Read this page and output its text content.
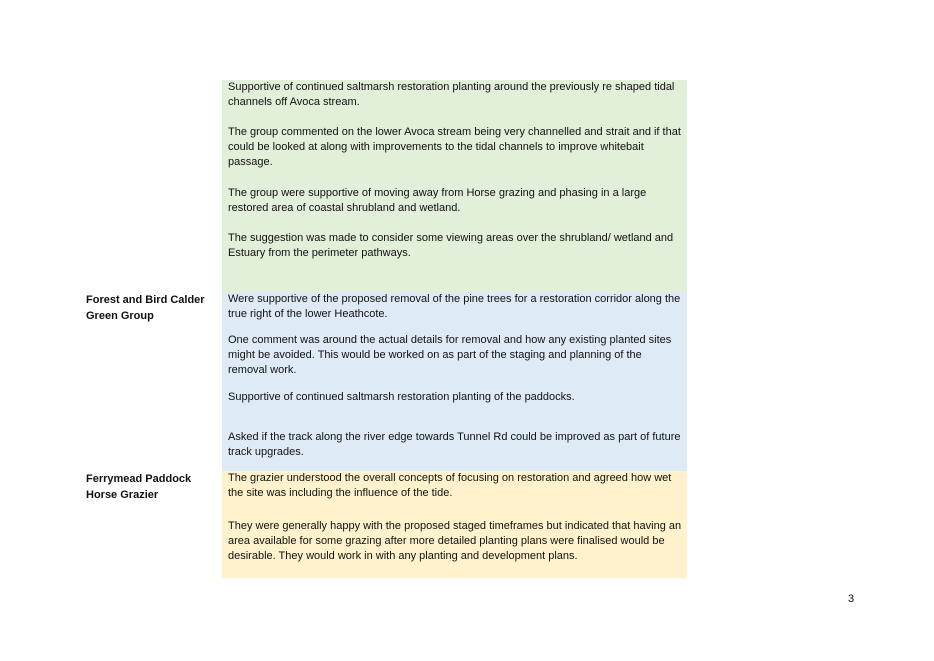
Supportive of continued saltmarsh restoration planting around the previously re shaped tidal channels off Avoca stream.

The group commented on the lower Avoca stream being very channelled and strait and if that could be looked at along with improvements to the tidal channels to improve whitebait passage.

The group were supportive of moving away from Horse grazing and phasing in a large restored area of coastal shrubland and wetland.

The suggestion was made to consider some viewing areas over the shrubland/ wetland and Estuary from the perimeter pathways.

Forest and Bird Calder Green Group

Were supportive of the proposed removal of the pine trees for a restoration corridor along the true right of the lower Heathcote.

One comment was around the actual details for removal and how any existing planted sites might be avoided. This would be worked on as part of the staging and planning of the removal work.

Supportive of continued saltmarsh restoration planting of the paddocks.

Asked if the track along the river edge towards Tunnel Rd could be improved as part of future track upgrades.

Ferrymead Paddock Horse Grazier

The grazier understood the overall concepts of focusing on restoration and agreed how wet the site was including the influence of the tide.

They were generally happy with the proposed staged timeframes but indicated that having an area available for some grazing after more detailed planting plans were finalised would be desirable. They would work in with any planting and development plans.

3
